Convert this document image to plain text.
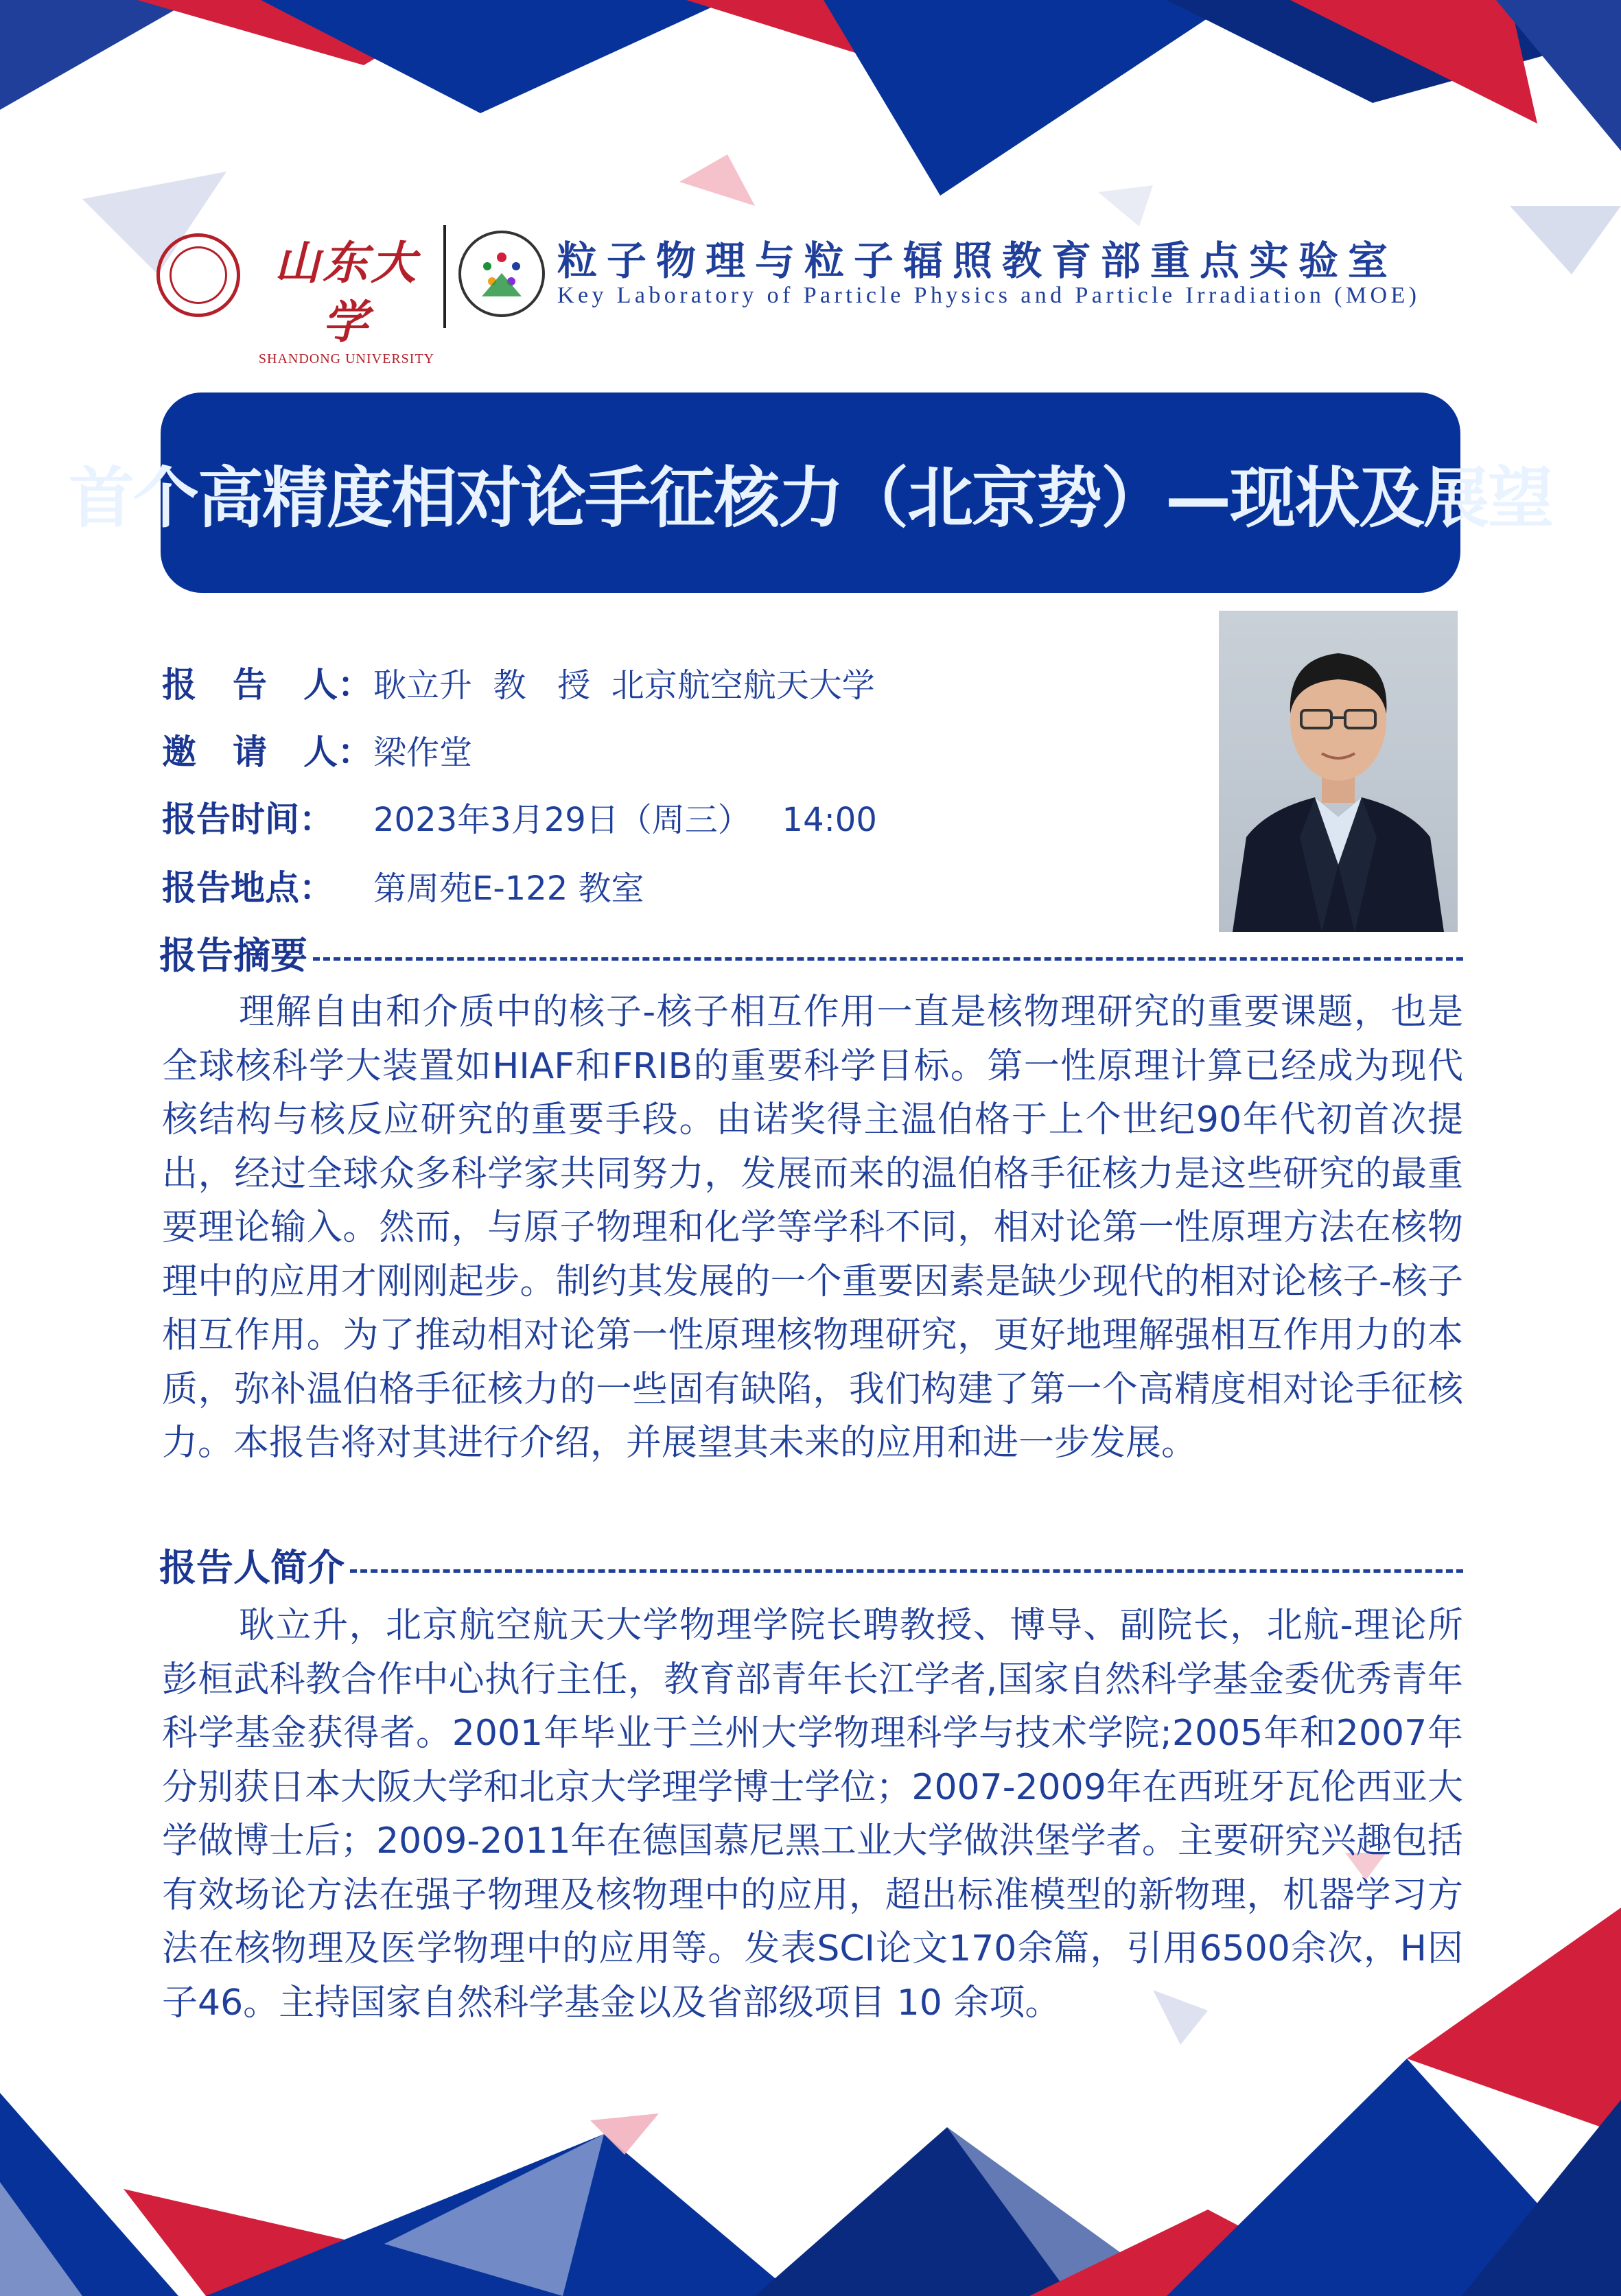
山东大学
SHANDONG UNIVERSITY
粒子物理与粒子辐照教育部重点实验室
Key Laboratory of Particle Physics and Particle Irradiation (MOE)
首个高精度相对论手征核力（北京势）—现状及展望
报 告 人 ： 耿立升  教   授  北京航空航天大学
邀 请 人 ： 梁作堂
报告时间：	2023年3月29日（周三）   14:00
报告地点：	第周苑E-122 教室
报告摘要

理解自由和介质中的核子-核子相互作用一直是核物理研究的重要课题，也是全球核科学大装置如HIAF和FRIB的重要科学目标。第一性原理计算已经成为现代核结构与核反应研究的重要手段。由诺奖得主温伯格于上个世纪90年代初首次提出，经过全球众多科学家共同努力，发展而来的温伯格手征核力是这些研究的最重要理论输入。然而，与原子物理和化学等学科不同，相对论第一性原理方法在核物理中的应用才刚刚起步。制约其发展的一个重要因素是缺少现代的相对论核子-核子相互作用。为了推动相对论第一性原理核物理研究，更好地理解强相互作用力的本质，弥补温伯格手征核力的一些固有缺陷，我们构建了第一个高精度相对论手征核力。本报告将对其进行介绍，并展望其未来的应用和进一步发展。

报告人简介

耿立升，北京航空航天大学物理学院长聘教授、博导、副院长，北航-理论所彭桓武科教合作中心执行主任，教育部青年长江学者,国家自然科学基金委优秀青年科学基金获得者。2001年毕业于兰州大学物理科学与技术学院;2005年和2007年分别获日本大阪大学和北京大学理学博士学位；2007-2009年在西班牙瓦伦西亚大学做博士后；2009-2011年在德国慕尼黑工业大学做洪堡学者。主要研究兴趣包括有效场论方法在强子物理及核物理中的应用，超出标准模型的新物理，机器学习方法在核物理及医学物理中的应用等。发表SCI论文170余篇，引用6500余次，H因子46。主持国家自然科学基金以及省部级项目 10 余项。
